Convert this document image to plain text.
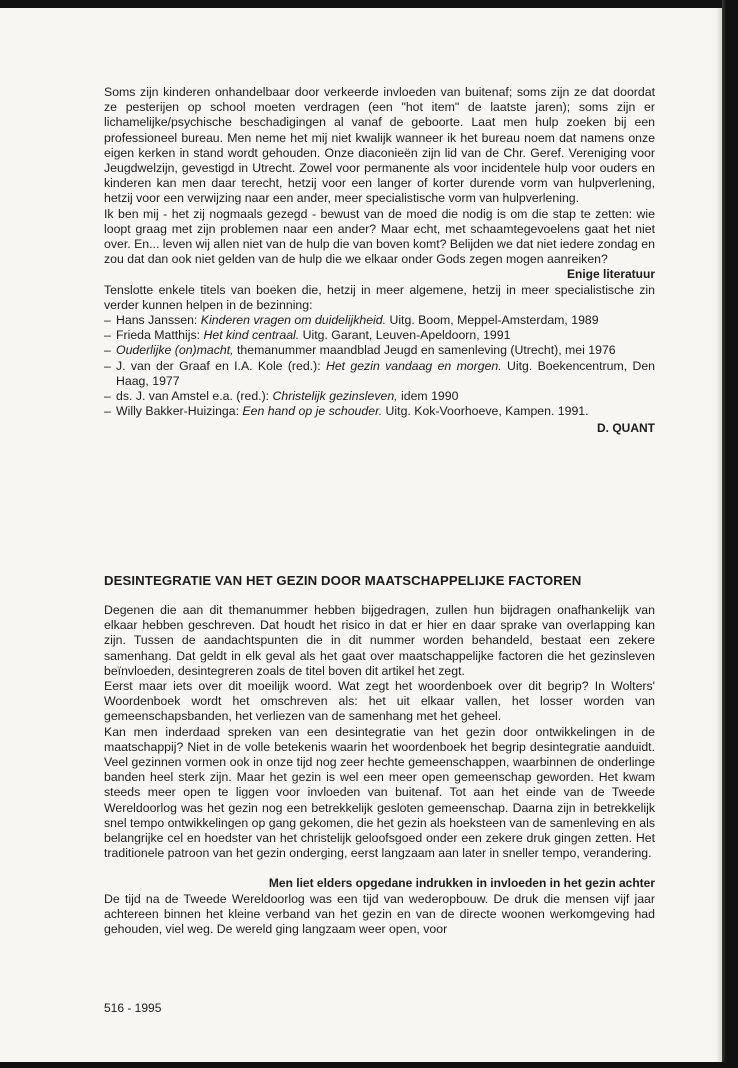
Soms zijn kinderen onhandelbaar door verkeerde invloeden van buitenaf; soms zijn ze dat doordat ze pesterijen op school moeten verdragen (een "hot item" de laatste jaren); soms zijn er lichamelijke/psychische beschadigingen al vanaf de geboorte. Laat men hulp zoeken bij een professioneel bureau. Men neme het mij niet kwalijk wanneer ik het bureau noem dat namens onze eigen kerken in stand wordt gehouden. Onze diaconieën zijn lid van de Chr. Geref. Vereniging voor Jeugdwelzijn, gevestigd in Utrecht. Zowel voor permanente als voor incidentele hulp voor ouders en kinderen kan men daar terecht, hetzij voor een langer of korter durende vorm van hulpverlening, hetzij voor een verwijzing naar een ander, meer specialistische vorm van hulpverlening.

Ik ben mij - het zij nogmaals gezegd - bewust van de moed die nodig is om die stap te zetten: wie loopt graag met zijn problemen naar een ander? Maar echt, met schaamtegevoelens gaat het niet over. En... leven wij allen niet van de hulp die van boven komt? Belijden we dat niet iedere zondag en zou dat dan ook niet gelden van de hulp die we elkaar onder Gods zegen mogen aanreiken?

Enige literatuur

Tenslotte enkele titels van boeken die, hetzij in meer algemene, hetzij in meer specialistische zin verder kunnen helpen in de bezinning:

– Hans Janssen: Kinderen vragen om duidelijkheid. Uitg. Boom, Meppel-Amsterdam, 1989
– Frieda Matthijs: Het kind centraal. Uitg. Garant, Leuven-Apeldoorn, 1991
– Ouderlijke (on)macht, themanummer maandblad Jeugd en samenleving (Utrecht), mei 1976
– J. van der Graaf en I.A. Kole (red.): Het gezin vandaag en morgen. Uitg. Boekencentrum, Den Haag, 1977
– ds. J. van Amstel e.a. (red.): Christelijk gezinsleven, idem 1990
– Willy Bakker-Huizinga: Een hand op je schouder. Uitg. Kok-Voorhoeve, Kampen. 1991.

D. QUANT

DESINTEGRATIE VAN HET GEZIN DOOR MAATSCHAPPELIJKE FACTOREN

Degenen die aan dit themanummer hebben bijgedragen, zullen hun bijdragen onafhankelijk van elkaar hebben geschreven. Dat houdt het risico in dat er hier en daar sprake van overlapping kan zijn. Tussen de aandachtspunten die in dit nummer worden behandeld, bestaat een zekere samenhang. Dat geldt in elk geval als het gaat over maatschappelijke factoren die het gezinsleven beïnvloeden, desintegreren zoals de titel boven dit artikel het zegt.

Eerst maar iets over dit moeilijk woord. Wat zegt het woordenboek over dit begrip? In Wolters' Woordenboek wordt het omschreven als: het uit elkaar vallen, het losser worden van gemeenschapsbanden, het verliezen van de samenhang met het geheel.

Kan men inderdaad spreken van een desintegratie van het gezin door ontwikkelingen in de maatschappij? Niet in de volle betekenis waarin het woordenboek het begrip desintegratie aanduidt. Veel gezinnen vormen ook in onze tijd nog zeer hechte gemeenschappen, waarbinnen de onderlinge banden heel sterk zijn. Maar het gezin is wel een meer open gemeenschap geworden. Het kwam steeds meer open te liggen voor invloeden van buitenaf. Tot aan het einde van de Tweede Wereldoorlog was het gezin nog een betrekkelijk gesloten gemeenschap. Daarna zijn in betrekkelijk snel tempo ontwikkelingen op gang gekomen, die het gezin als hoeksteen van de samenleving en als belangrijke cel en hoedster van het christelijk geloofsgoed onder een zekere druk gingen zetten. Het traditionele patroon van het gezin onderging, eerst langzaam aan later in sneller tempo, verandering.

Men liet elders opgedane indrukken in invloeden in het gezin achter

De tijd na de Tweede Wereldoorlog was een tijd van wederopbouw. De druk die mensen vijf jaar achtereen binnen het kleine verband van het gezin en van de directe woonen werkomgeving had gehouden, viel weg. De wereld ging langzaam weer open, voor

516 - 1995
